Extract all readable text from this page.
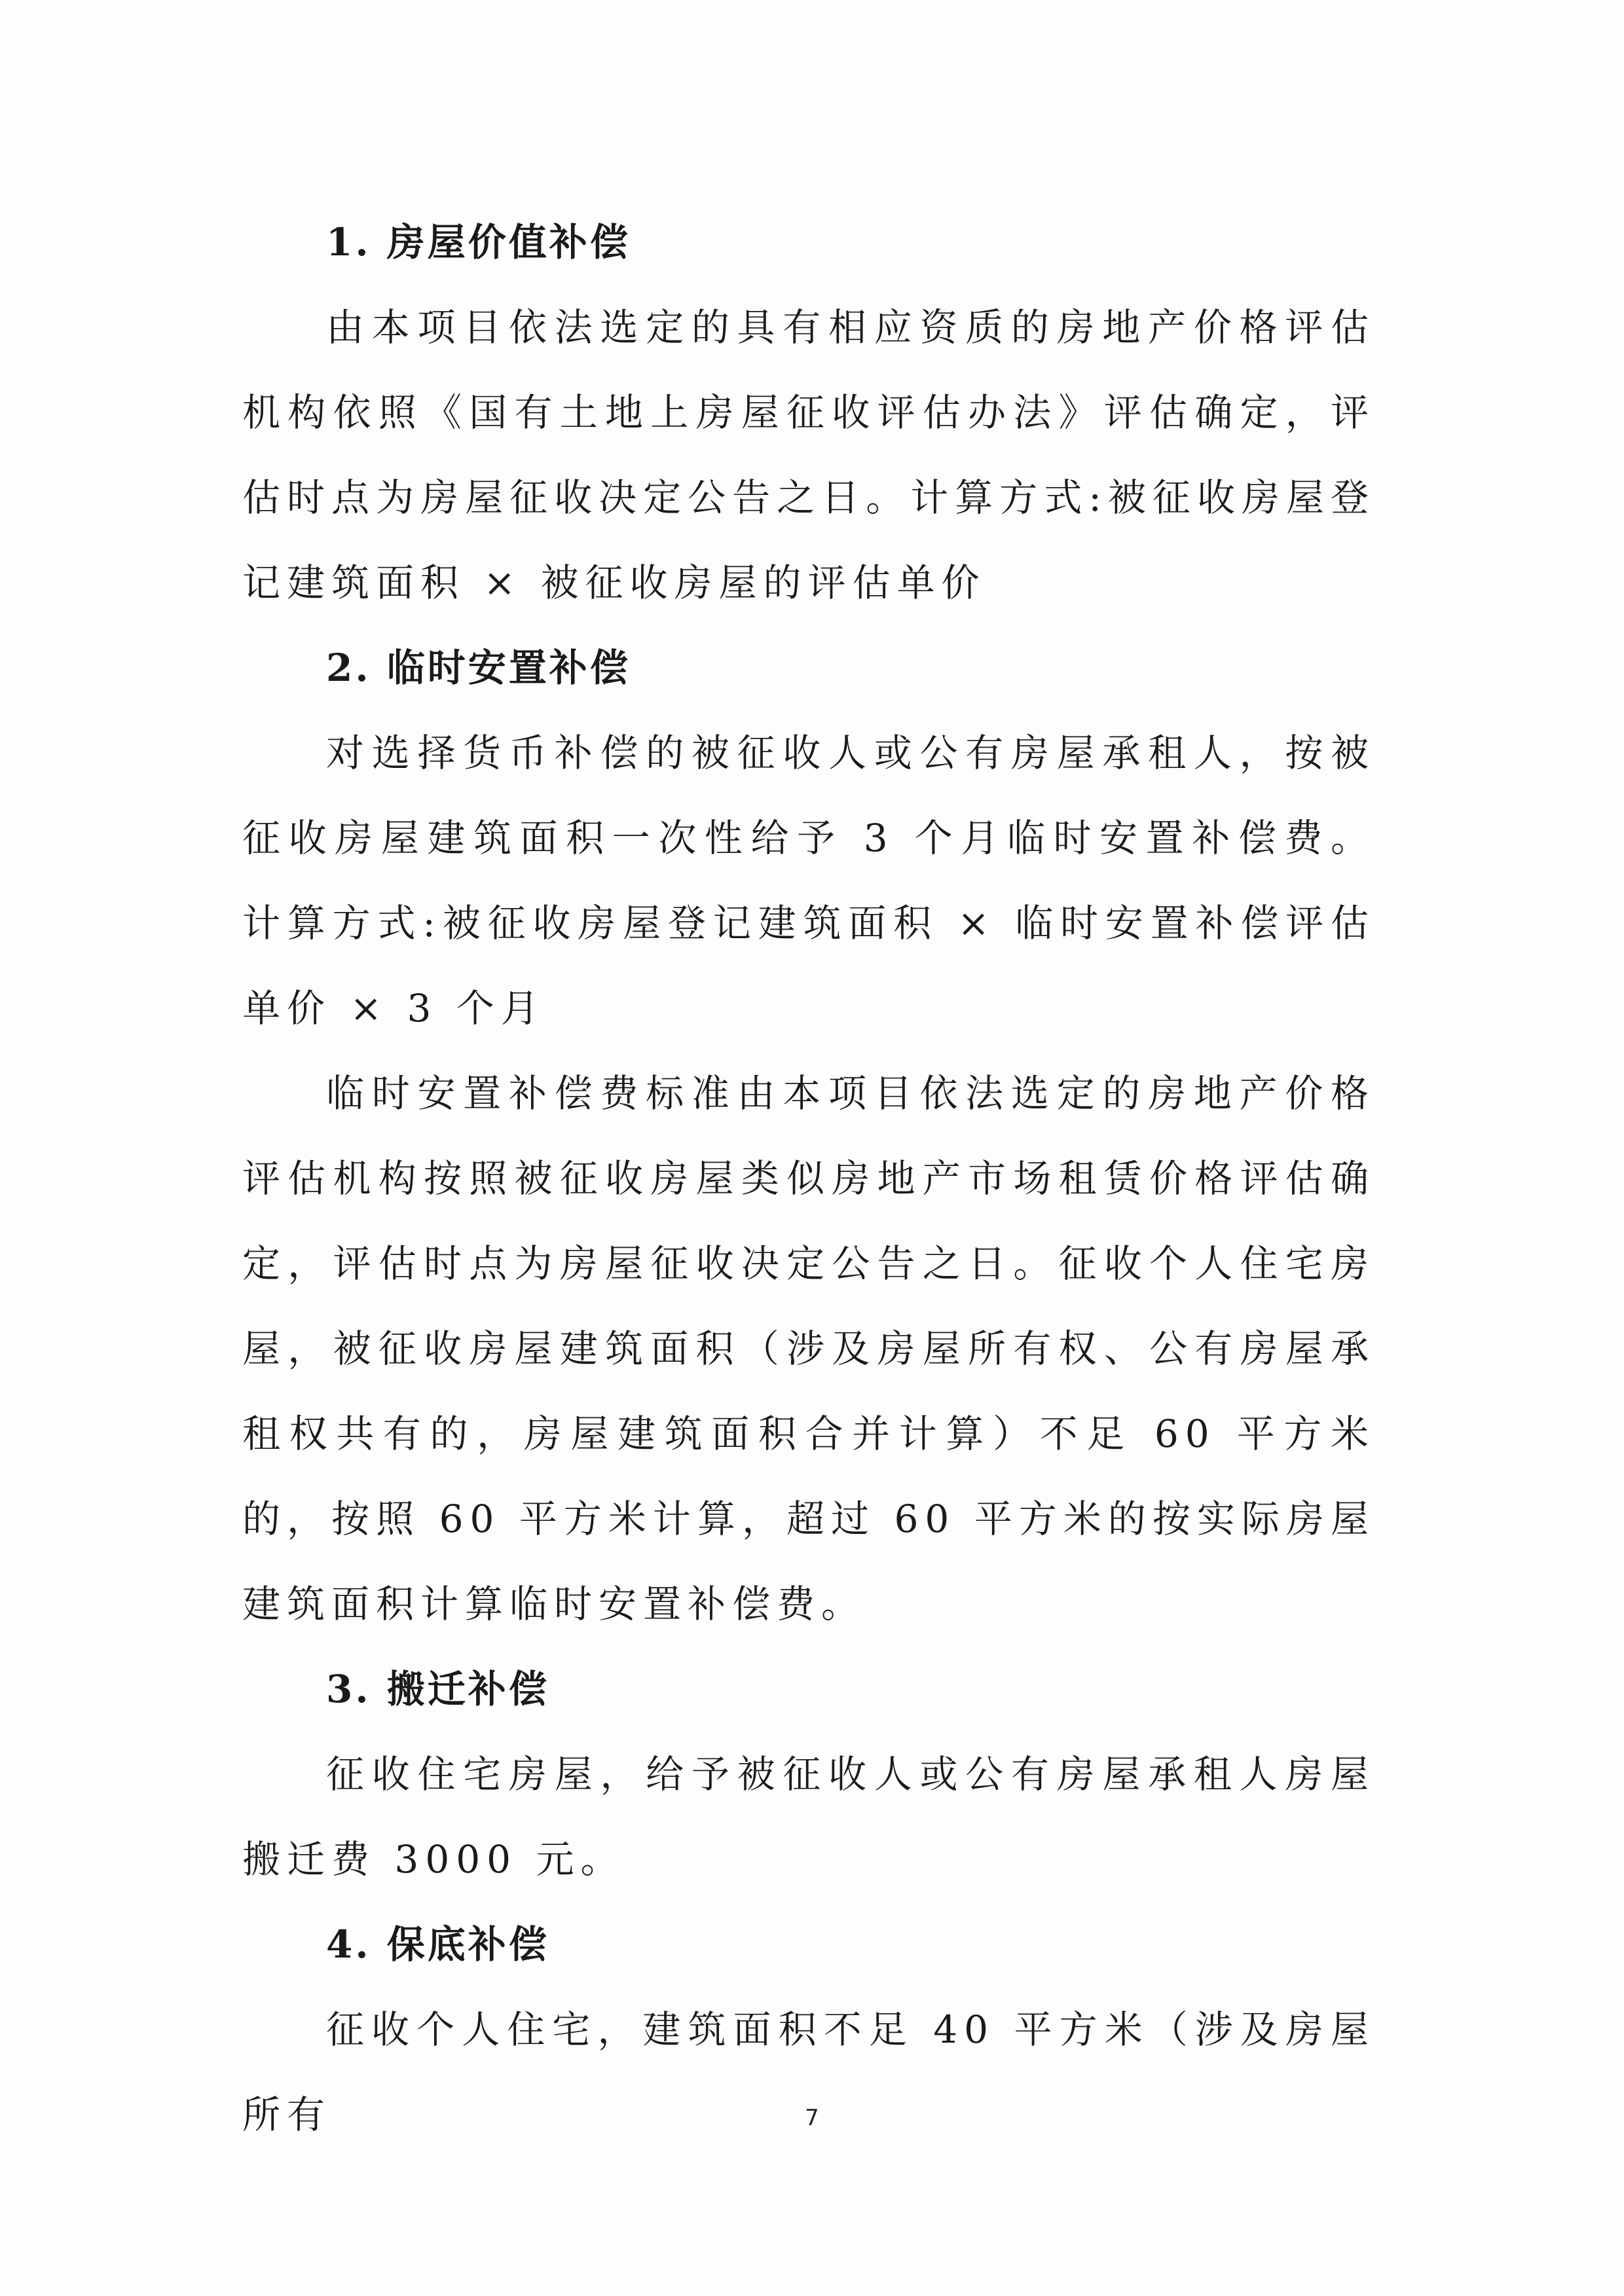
1. 房屋价值补偿

由本项目依法选定的具有相应资质的房地产价格评估机构依照《国有土地上房屋征收评估办法》评估确定，评估时点为房屋征收决定公告之日。计算方式:被征收房屋登记建筑面积 × 被征收房屋的评估单价

2. 临时安置补偿

对选择货币补偿的被征收人或公有房屋承租人，按被征收房屋建筑面积一次性给予 3 个月临时安置补偿费。计算方式:被征收房屋登记建筑面积 × 临时安置补偿评估单价 × 3 个月

临时安置补偿费标准由本项目依法选定的房地产价格评估机构按照被征收房屋类似房地产市场租赁价格评估确定，评估时点为房屋征收决定公告之日。征收个人住宅房屋，被征收房屋建筑面积（涉及房屋所有权、公有房屋承租权共有的，房屋建筑面积合并计算）不足 60 平方米的，按照 60 平方米计算，超过 60 平方米的按实际房屋建筑面积计算临时安置补偿费。

3. 搬迁补偿

征收住宅房屋，给予被征收人或公有房屋承租人房屋搬迁费 3000 元。

4. 保底补偿

征收个人住宅，建筑面积不足 40 平方米（涉及房屋所有	7
